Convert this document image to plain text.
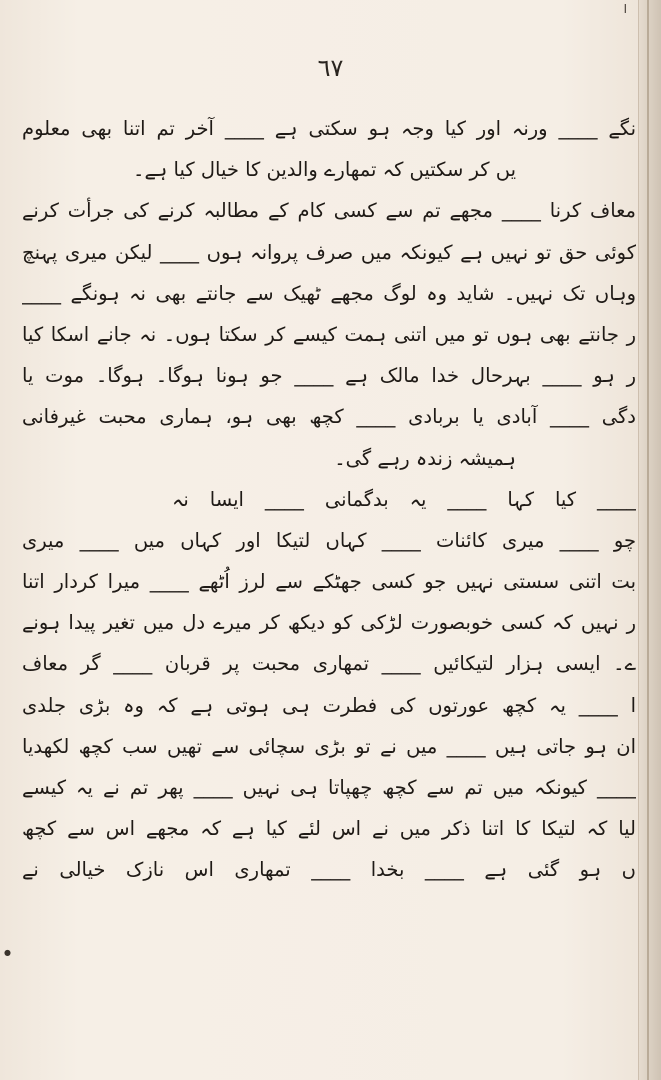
ا
٦٧
نگے ____ ورنہ اور کیا وجہ ہو سکتی ہے ____ آخر تم اتنا بھی معلوم
یں کر سکتیں کہ تمھارے والدین کا خیال کیا ہے۔
معاف کرنا ____ مجھے تم سے کسی کام کے مطالبہ کرنے کی جرأت کرنے
کوئی حق تو نہیں ہے کیونکہ میں صرف پروانہ ہوں ____ لیکن میری پہنچ
وہاں تک نہیں۔ شاید وہ لوگ مجھے ٹھیک سے جانتے بھی نہ ہونگے ____
ر جانتے بھی ہوں تو میں اتنی ہمت کیسے کر سکتا ہوں۔ نہ جانے اسکا کیا
ر ہو ____ بہرحال خدا مالک ہے ____ جو ہونا ہوگا۔ ہوگا۔ موت یا
دگی ____ آبادی یا بربادی ____ کچھ بھی ہو، ہماری محبت غیرفانی
ہمیشہ زندہ رہے گی۔
____ کیا کہا ____ یہ بدگمانی ____ ایسا نہ
چو ____ میری کائنات ____ کہاں لتیکا اور کہاں میں ____ میری
بت اتنی سستی نہیں جو کسی جھٹکے سے لرز اُٹھے ____ میرا کردار اتنا
ر نہیں کہ کسی خوبصورت لڑکی کو دیکھ کر میرے دل میں تغیر پیدا ہونے
ے۔ ایسی ہزار لتیکائیں ____ تمھاری محبت پر قربان ____ گر معاف
ا ____ یہ کچھ عورتوں کی فطرت ہی ہوتی ہے کہ وہ بڑی جلدی
ان ہو جاتی ہیں ____ میں نے تو بڑی سچائی سے تھیں سب کچھ لکھدیا
____ کیونکہ میں تم سے کچھ چھپاتا ہی نہیں ____ پھر تم نے یہ کیسے
لیا کہ لتیکا کا اتنا ذکر میں نے اس لئے کیا ہے کہ مجھے اس سے کچھ
ں ہو گئی ہے ____ بخدا ____ تمھاری اس نازک خیالی نے
●
